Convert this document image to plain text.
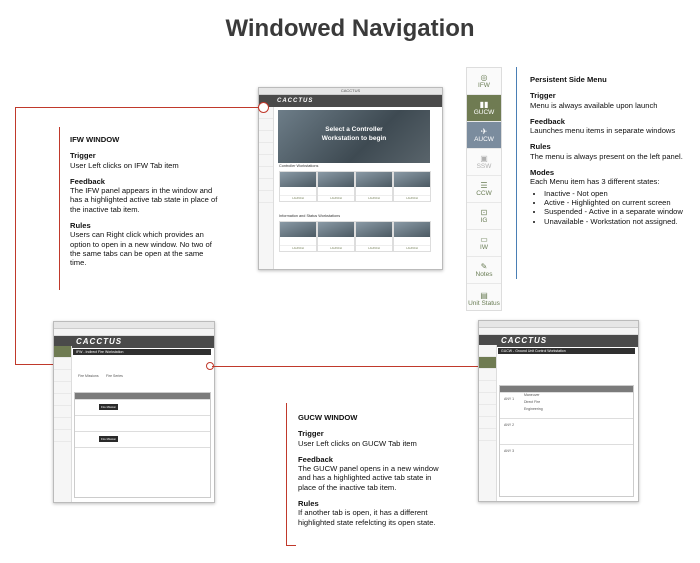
Windowed Navigation
CACCTUS
CACCTUS
Select a Controller Workstation to begin
Controller Workstations
LAUNCH	LAUNCH	LAUNCH	LAUNCH
Information and Status Workstations
LAUNCH	LAUNCH	LAUNCH	LAUNCH
◎
IFW
▮▮
GUCW
✈
AUCW
▣
SSW
☰
CCW
⊡
IG
▭
IW
✎
Notes
▤
Unit Status
Persistent Side Menu
Trigger
Menu is always available upon launch
Feedback
Launches menu items in separate windows
Rules
The menu is always present on the left panel.
Modes
Each Menu item has 3 different states:
• Inactive - Not open
• Active - Highlighted on current screen
• Suspended - Active in a separate window
• Unavailable - Workstation not assigned.
IFW WINDOW
Trigger
User Left clicks on IFW Tab item
Feedback
The IFW panel appears in the window and has a highlighted active tab state in place of the inactive tab item.
Rules
Users can Right click which provides an option to open in a new window. No two of the same tabs can be open at the same time.
CACCTUS
IFW - Indirect Fire Workstation
Fire Missions Fire Series
Fire Mission
Fire Mission
CACCTUS
GUCW - Ground Unit Control Workstation
ANY 1
Maneuver
Direct Fire
Engineering
ANY 2
ANY 3
GUCW WINDOW
Trigger
User Left clicks on GUCW Tab item
Feedback
The GUCW panel opens in a new window and has a highlighted active tab state in place of the inactive tab item.
Rules
If another tab is open, it has a different highlighted state refelcting its open state.
